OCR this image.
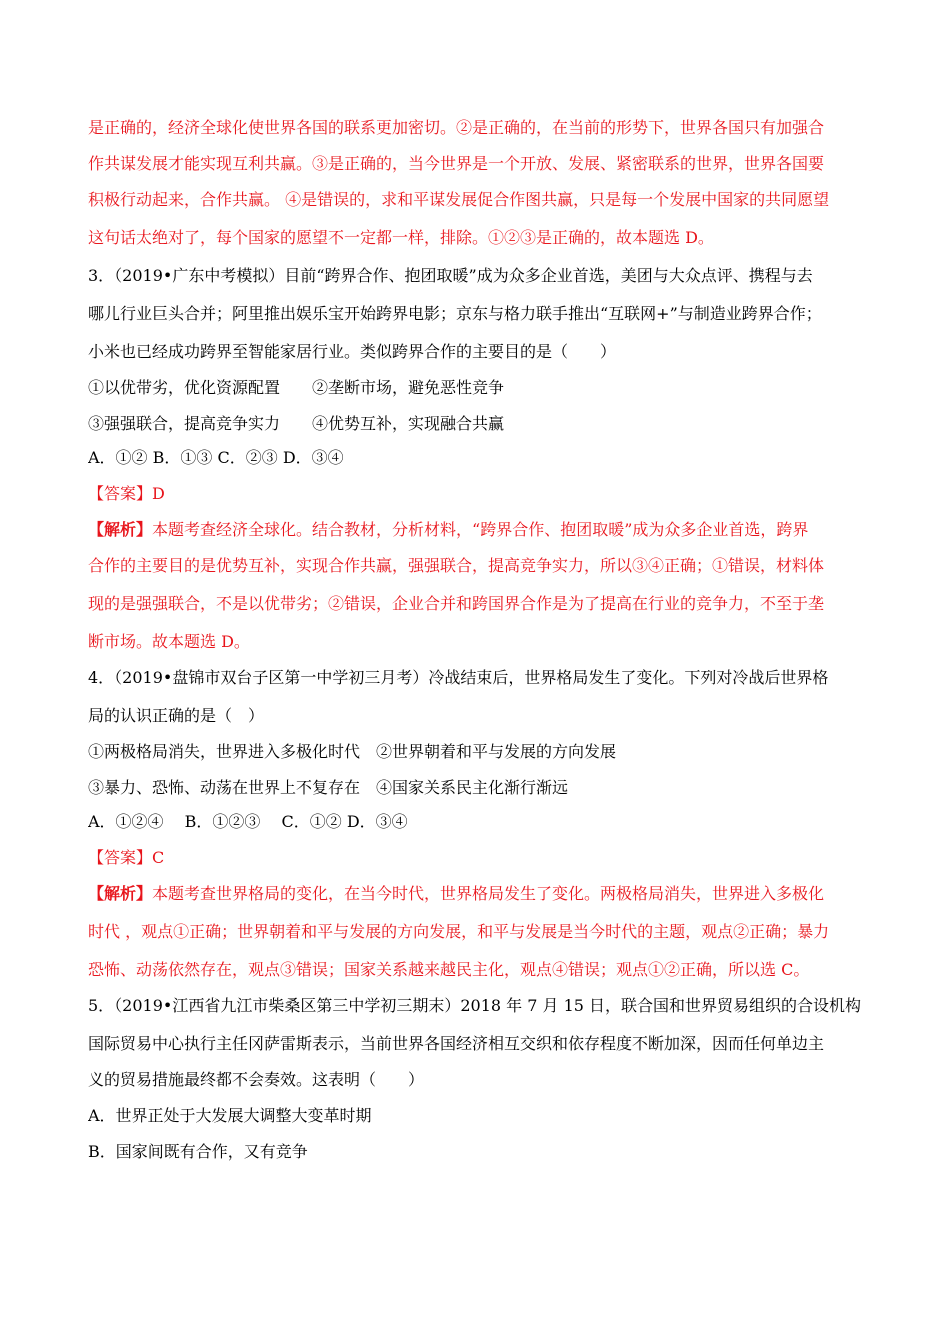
是正确的，经济全球化使世界各国的联系更加密切。②是正确的，在当前的形势下，世界各国只有加强合
作共谋发展才能实现互利共赢。③是正确的，当今世界是一个开放、发展、紧密联系的世界，世界各国要
积极行动起来，合作共赢。 ④是错误的，求和平谋发展促合作图共赢，只是每一个发展中国家的共同愿望
这句话太绝对了，每个国家的愿望不一定都一样，排除。①②③是正确的，故本题选 D。
3．（2019•广东中考模拟）目前“跨界合作、抱团取暖”成为众多企业首选，美团与大众点评、携程与去
哪儿行业巨头合并；阿里推出娱乐宝开始跨界电影；京东与格力联手推出“互联网+”与制造业跨界合作；
小米也已经成功跨界至智能家居行业。类似跨界合作的主要目的是（　　）
①以优带劣，优化资源配置　　②垄断市场，避免恶性竞争
③强强联合，提高竞争实力　　④优势互补，实现融合共赢
A．①② B．①③ C．②③ D．③④
【答案】D
【解析】本题考查经济全球化。结合教材，分析材料，“跨界合作、抱团取暖”成为众多企业首选，跨界
合作的主要目的是优势互补，实现合作共赢，强强联合，提高竞争实力，所以③④正确；①错误，材料体
现的是强强联合，不是以优带劣；②错误，企业合并和跨国界合作是为了提高在行业的竞争力，不至于垄
断市场。故本题选 D。
4．（2019•盘锦市双台子区第一中学初三月考）冷战结束后，世界格局发生了变化。下列对冷战后世界格
局的认识正确的是（　）
①两极格局消失，世界进入多极化时代　②世界朝着和平与发展的方向发展
③暴力、恐怖、动荡在世界上不复存在　④国家关系民主化渐行渐远
A．①②④　 B．①②③　 C．①② D．③④
【答案】C
【解析】本题考查世界格局的变化，在当今时代，世界格局发生了变化。两极格局消失，世界进入多极化
时代 ，观点①正确；世界朝着和平与发展的方向发展，和平与发展是当今时代的主题，观点②正确；暴力
恐怖、动荡依然存在，观点③错误；国家关系越来越民主化，观点④错误；观点①②正确，所以选 C。
5．（2019•江西省九江市柴桑区第三中学初三期末）2018 年 7 月 15 日，联合国和世界贸易组织的合设机构
国际贸易中心执行主任冈萨雷斯表示，当前世界各国经济相互交织和依存程度不断加深，因而任何单边主
义的贸易措施最终都不会奏效。这表明（　　）
A．世界正处于大发展大调整大变革时期
B．国家间既有合作，又有竞争
